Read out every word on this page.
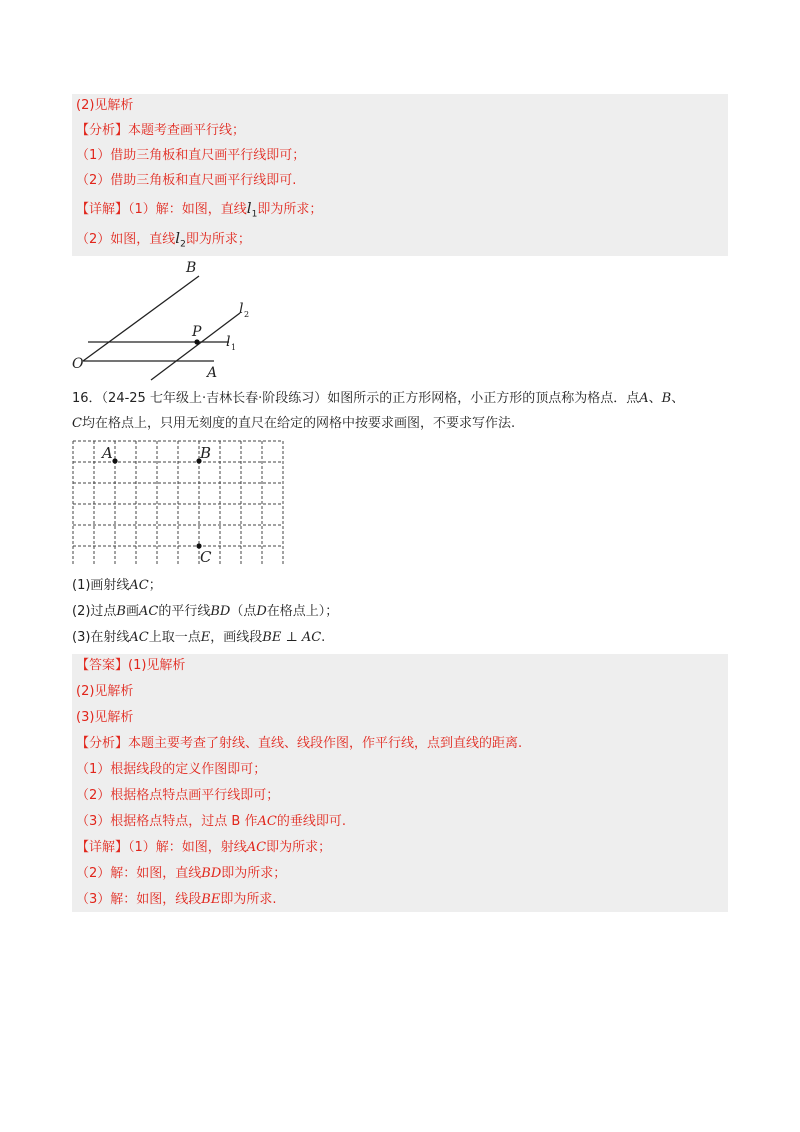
(2)见解析
【分析】本题考查画平行线；
（1）借助三角板和直尺画平行线即可；
（2）借助三角板和直尺画平行线即可.
【详解】（1）解：如图，直线$l_1$即为所求；
（2）如图，直线$l_2$即为所求；
B
P
O
A
l 2
l 1
16．（24-25 七年级上·吉林长春·阶段练习）如图所示的正方形网格，小正方形的顶点称为格点．点A、B、
C均在格点上，只用无刻度的直尺在给定的网格中按要求画图，不要求写作法.
A	B
C
(1)画射线AC；
(2)过点B画AC的平行线BD（点D在格点上）；
(3)在射线AC上取一点E，画线段BE ⊥ AC.
【答案】(1)见解析
(2)见解析
(3)见解析
【分析】本题主要考查了射线、直线、线段作图，作平行线，点到直线的距离.
（1）根据线段的定义作图即可；
（2）根据格点特点画平行线即可；
（3）根据格点特点，过点 B 作AC的垂线即可.
【详解】（1）解：如图，射线AC即为所求；
（2）解：如图，直线BD即为所求；
（3）解：如图，线段BE即为所求.
